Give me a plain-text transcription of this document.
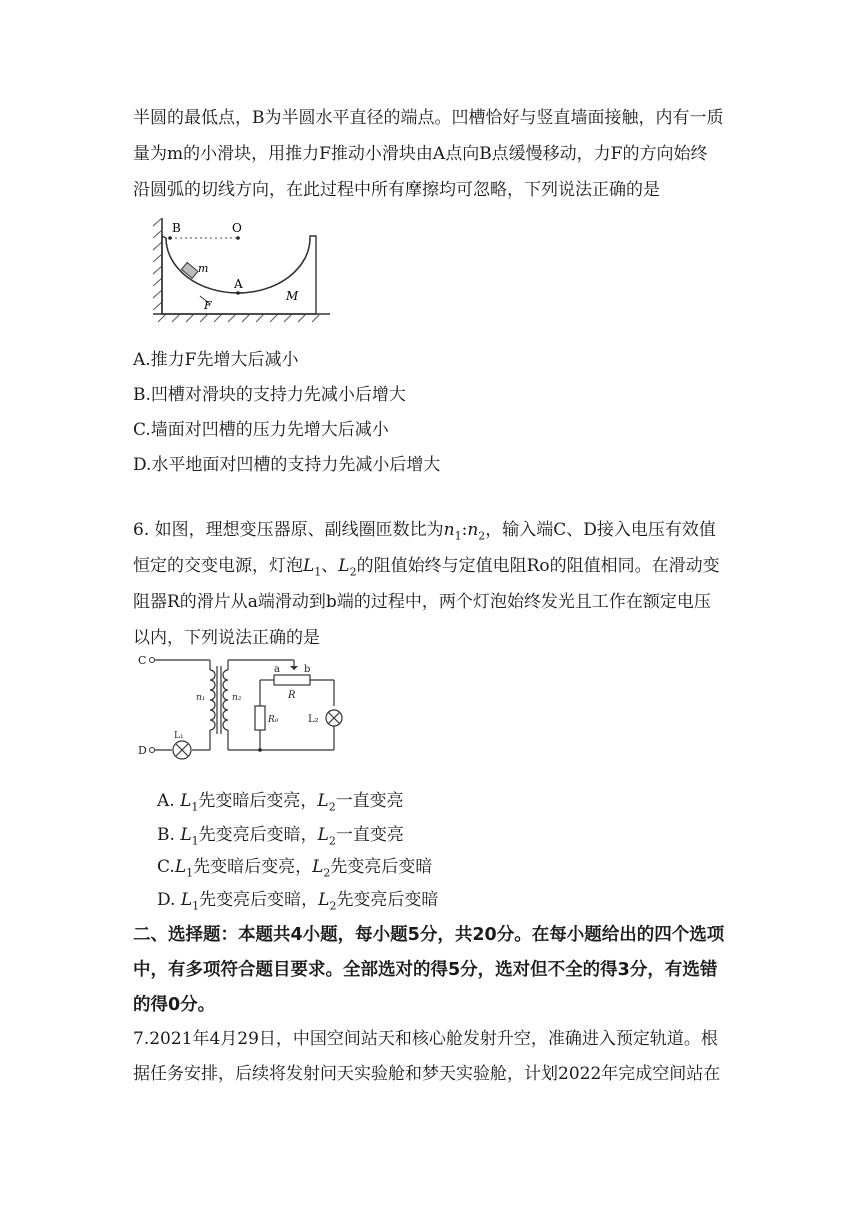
半圆的最低点，B为半圆水平直径的端点。凹槽恰好与竖直墙面接触，内有一质
量为m的小滑块，用推力F推动小滑块由A点向B点缓慢移动，力F的方向始终
沿圆弧的切线方向，在此过程中所有摩擦均可忽略，下列说法正确的是
B	O
m
A
F
M
A.推力F先增大后减小
B.凹槽对滑块的支持力先减小后增大
C.墙面对凹槽的压力先增大后减小
D.水平地面对凹槽的支持力先减小后增大
6. 如图，理想变压器原、副线圈匝数比为$n_1:n_2$，输入端C、D接入电压有效值
恒定的交变电源，灯泡$L_1$、$L_2$的阻值始终与定值电阻Ro的阻值相同。在滑动变
阻器R的滑片从a端滑动到b端的过程中，两个灯泡始终发光且工作在额定电压
以内，下列说法正确的是
C
D
n₁	n₂
a b
R
R₀	L₂
L₁
A. $L_1$先变暗后变亮，$L_2$一直变亮
B. $L_1$先变亮后变暗，$L_2$一直变亮
$C.L_1$先变暗后变亮，$L_2$先变亮后变暗
D. $L_1$先变亮后变暗，$L_2$先变亮后变暗
二、选择题：本题共4小题，每小题5分，共20分。在每小题给出的四个选项
中，有多项符合题目要求。全部选对的得5分，选对但不全的得3分，有选错
的得0分。
7.2021年4月29日，中国空间站天和核心舱发射升空，准确进入预定轨道。根
据任务安排，后续将发射问天实验舱和梦天实验舱，计划2022年完成空间站在
